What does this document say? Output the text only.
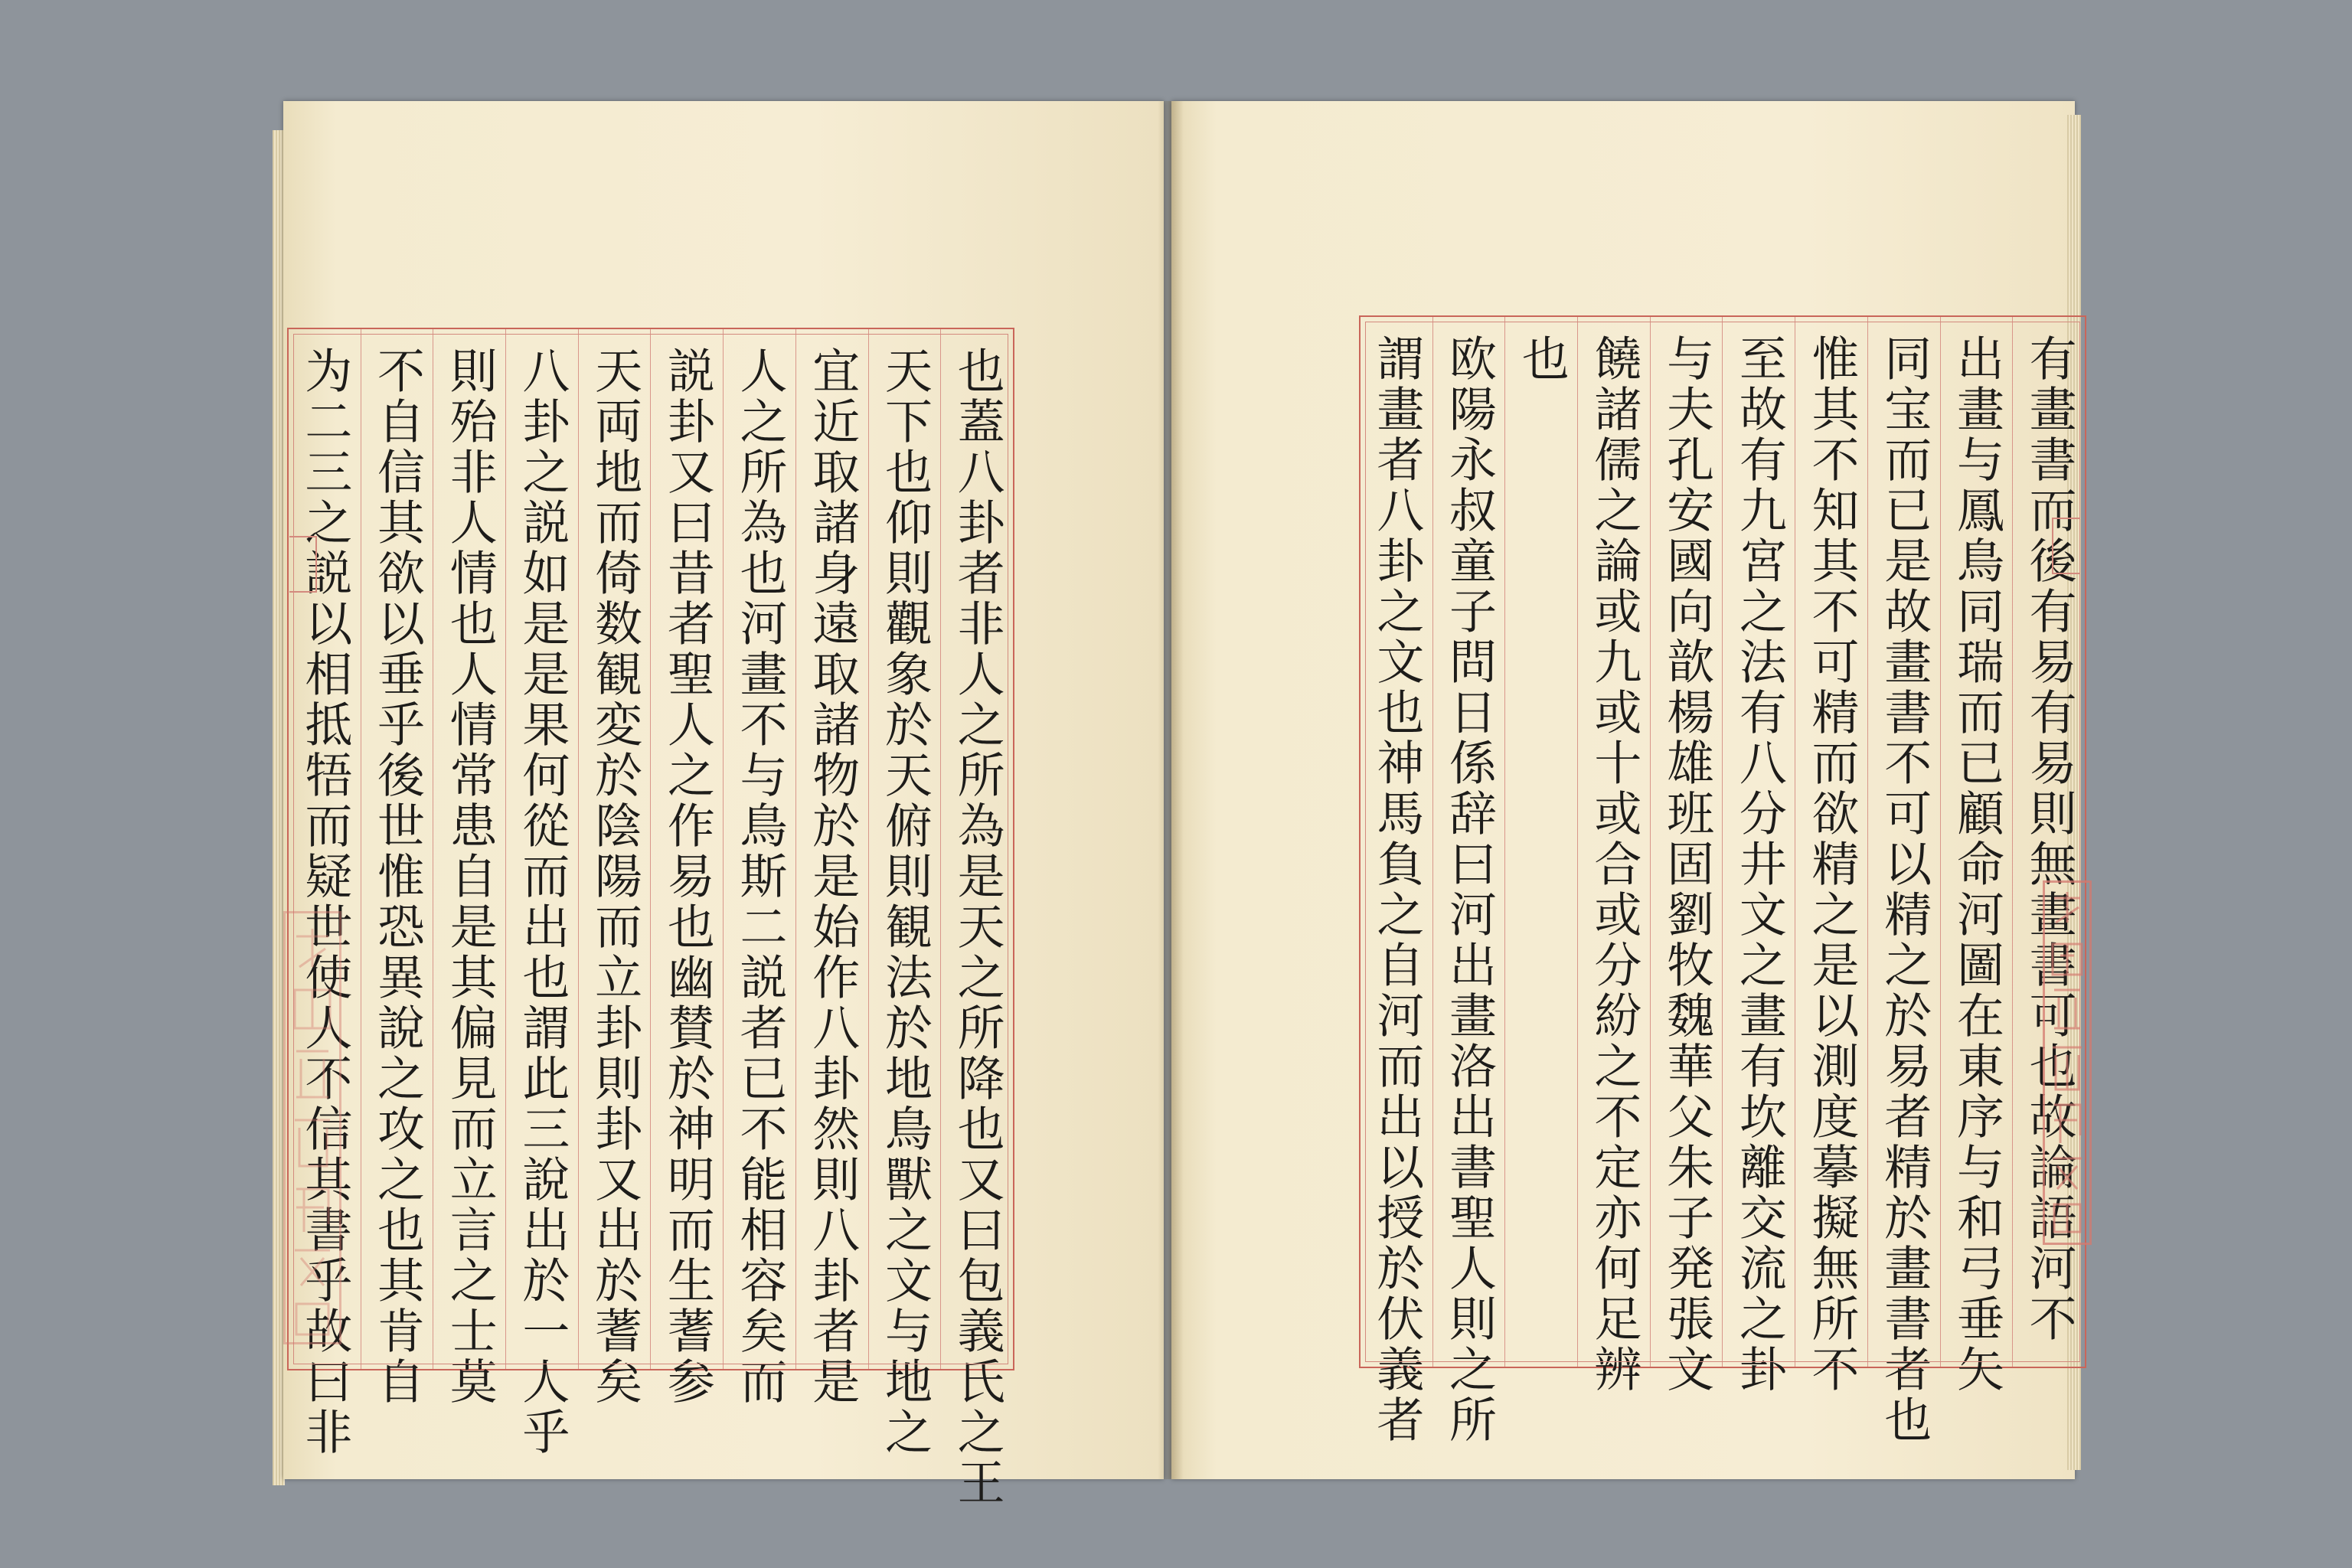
有畫書而後有易有易則無畫書可也故論語河不
出畫与鳳鳥同瑞而已顧命河圖在東序与和弓垂矢
同宝而已是故畫書不可以精之於易者精於畫書者也
惟其不知其不可精而欲精之是以測度摹擬無所不
至故有九宮之法有八分井文之畫有坎離交流之卦
与夫孔安國向歆楊雄班固劉牧魏華父朱子発張文
饒諸儒之論或九或十或合或分紛之不定亦何足辨
也
欧陽永叔童子問日係辞曰河出畫洛出書聖人則之所
謂畫者八卦之文也神馬負之自河而出以授於伏義者
也蓋八卦者非人之所為是天之所降也又曰包義氏之王
天下也仰則觀象於天俯則観法於地鳥獸之文与地之
宜近取諸身遠取諸物於是始作八卦然則八卦者是
人之所為也河畫不与鳥斯二説者已不能相容矣而
説卦又曰昔者聖人之作易也幽賛於神明而生蓍参
天両地而倚数観変於陰陽而立卦則卦又出於蓍矣
八卦之説如是是果何從而出也謂此三說出於一人乎
則殆非人情也人情常患自是其偏見而立言之士莫
不自信其欲以垂乎後世惟恐異說之攻之也其肯自
为二三之説以相抵牾而疑世使人不信其書乎故曰非
